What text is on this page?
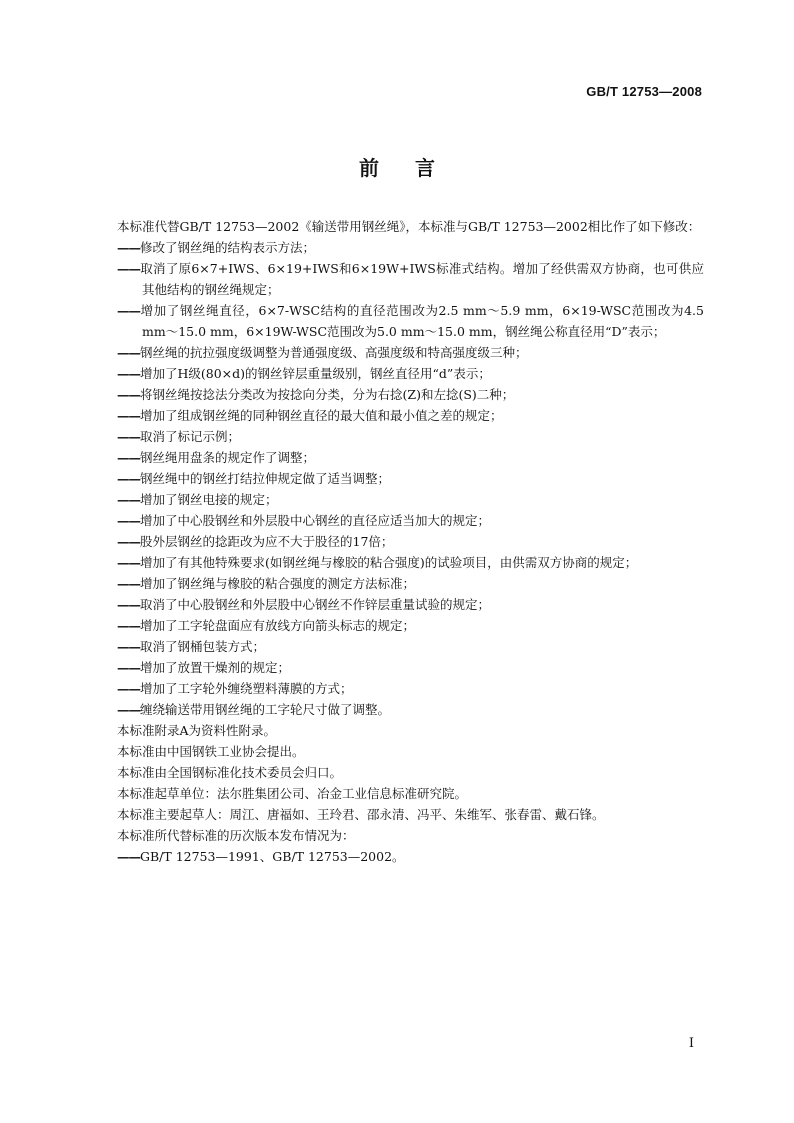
GB/T 12753—2008
前言

本标准代替GB/T 12753—2002《输送带用钢丝绳》，本标准与GB/T 12753—2002相比作了如下修改：

——修改了钢丝绳的结构表示方法；

——取消了原6×7+IWS、6×19+IWS和6×19W+IWS标准式结构。增加了经供需双方协商，也可供应其他结构的钢丝绳规定；

——增加了钢丝绳直径，6×7-WSC结构的直径范围改为2.5 mm～5.9 mm，6×19-WSC范围改为4.5 mm～15.0 mm，6×19W-WSC范围改为5.0 mm～15.0 mm，钢丝绳公称直径用“D”表示；

——钢丝绳的抗拉强度级调整为普通强度级、高强度级和特高强度级三种；

——增加了H级(80×d)的钢丝锌层重量级别，钢丝直径用“d”表示；

——将钢丝绳按捻法分类改为按捻向分类，分为右捻(Z)和左捻(S)二种；

——增加了组成钢丝绳的同种钢丝直径的最大值和最小值之差的规定；

——取消了标记示例；

——钢丝绳用盘条的规定作了调整；

——钢丝绳中的钢丝打结拉伸规定做了适当调整；

——增加了钢丝电接的规定；

——增加了中心股钢丝和外层股中心钢丝的直径应适当加大的规定；

——股外层钢丝的捻距改为应不大于股径的17倍；

——增加了有其他特殊要求(如钢丝绳与橡胶的粘合强度)的试验项目，由供需双方协商的规定；

——增加了钢丝绳与橡胶的粘合强度的测定方法标准；

——取消了中心股钢丝和外层股中心钢丝不作锌层重量试验的规定；

——增加了工字轮盘面应有放线方向箭头标志的规定；

——取消了钢桶包装方式；

——增加了放置干燥剂的规定；

——增加了工字轮外缠绕塑料薄膜的方式；

——缠绕输送带用钢丝绳的工字轮尺寸做了调整。

本标准附录A为资料性附录。

本标准由中国钢铁工业协会提出。

本标准由全国钢标准化技术委员会归口。

本标准起草单位：法尔胜集团公司、冶金工业信息标准研究院。

本标准主要起草人：周江、唐福如、王玲君、邵永清、冯平、朱维军、张春雷、戴石锋。

本标准所代替标准的历次版本发布情况为：

——GB/T 12753—1991、GB/T 12753—2002。

I
